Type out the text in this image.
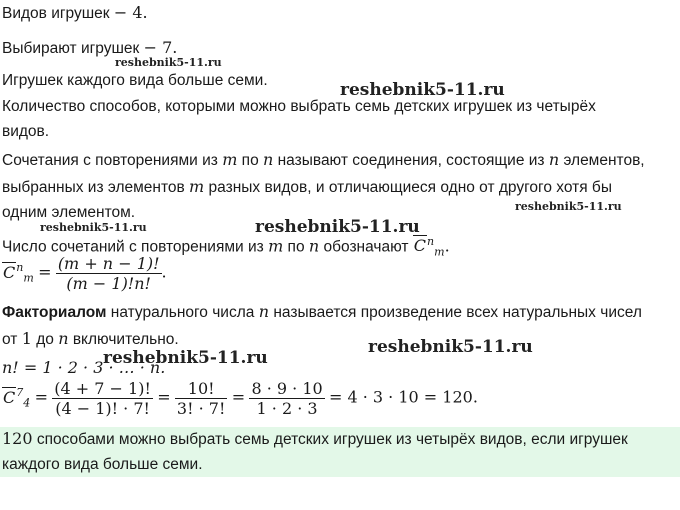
Видов игрушек − 4.
Выбирают игрушек − 7.
Игрушек каждого вида больше семи.
Количество способов, которыми можно выбрать семь детских игрушек из четырёх
видов.
Сочетания с повторениями из m по n называют соединения, состоящие из n элементов,
выбранных из элементов m разных видов, и отличающиеся одно от другого хотя бы
одним элементом.
Число сочетаний с повторениями из m по n обозначают $C^n_m$.
$C^n_m = \frac{(m + n - 1)!}{(m - 1)!n!}$ .
Факториалом натурального числа n называется произведение всех натуральных чисел
от 1 до n включительно.
n! = 1 · 2 · 3 · … · n.
$C^7_4 = \frac{(4 + 7 - 1)!}{(4 - 1)! \cdot 7!} = \frac{10!}{3! \cdot 7!} = \frac{8 \cdot 9 \cdot 10}{1 \cdot 2 \cdot 3} = 4 \cdot 3 \cdot 10 = 120$.
120 способами можно выбрать семь детских игрушек из четырёх видов, если игрушек
каждого вида больше семи.
reshebnik5-11.ru
reshebnik5-11.ru
reshebnik5-11.ru
reshebnik5-11.ru	reshebnik5-11.ru
reshebnik5-11.ru
reshebnik5-11.ru
